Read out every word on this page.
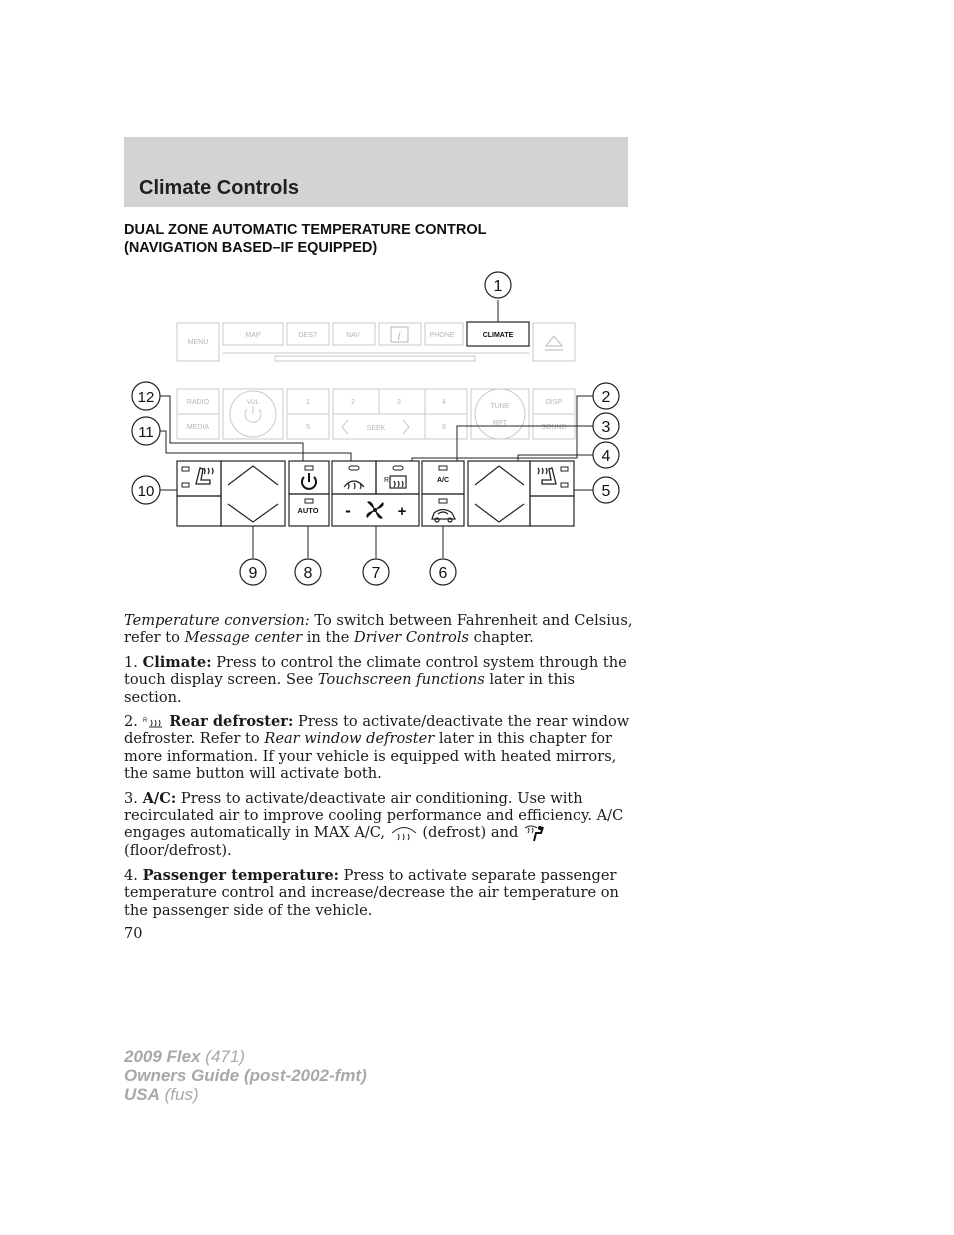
Climate Controls
DUAL ZONE AUTOMATIC TEMPERATURE CONTROL
(NAVIGATION BASED–IF EQUIPPED)
MENU
MAP	DEST	NAV	i	PHONE	CLIMATE
RADIO
MEDIA
VOL	1	2	3	4
5	SEEK	6
TUNE
RPT
DISP
SOUND
AUTO
R	A/C
-	+
1
2
3
4
5
6
7
8
9
10
11
12

Temperature conversion: To switch between Fahrenheit and Celsius, refer to Message center in the Driver Controls chapter.

1. Climate: Press to control the climate control system through the touch display screen. See Touchscreen functions later in this section.

2. R Rear defroster: Press to activate/deactivate the rear window defroster. Refer to Rear window defroster later in this chapter for more information. If your vehicle is equipped with heated mirrors, the same button will activate both.

3. A/C: Press to activate/deactivate air conditioning. Use with recirculated air to improve cooling performance and efficiency. A/C engages automatically in MAX A/C,  (defrost) and  (floor/defrost).

4. Passenger temperature: Press to activate separate passenger temperature control and increase/decrease the air temperature on the passenger side of the vehicle.

70
2009 Flex (471)
Owners Guide (post-2002-fmt)
USA (fus)
